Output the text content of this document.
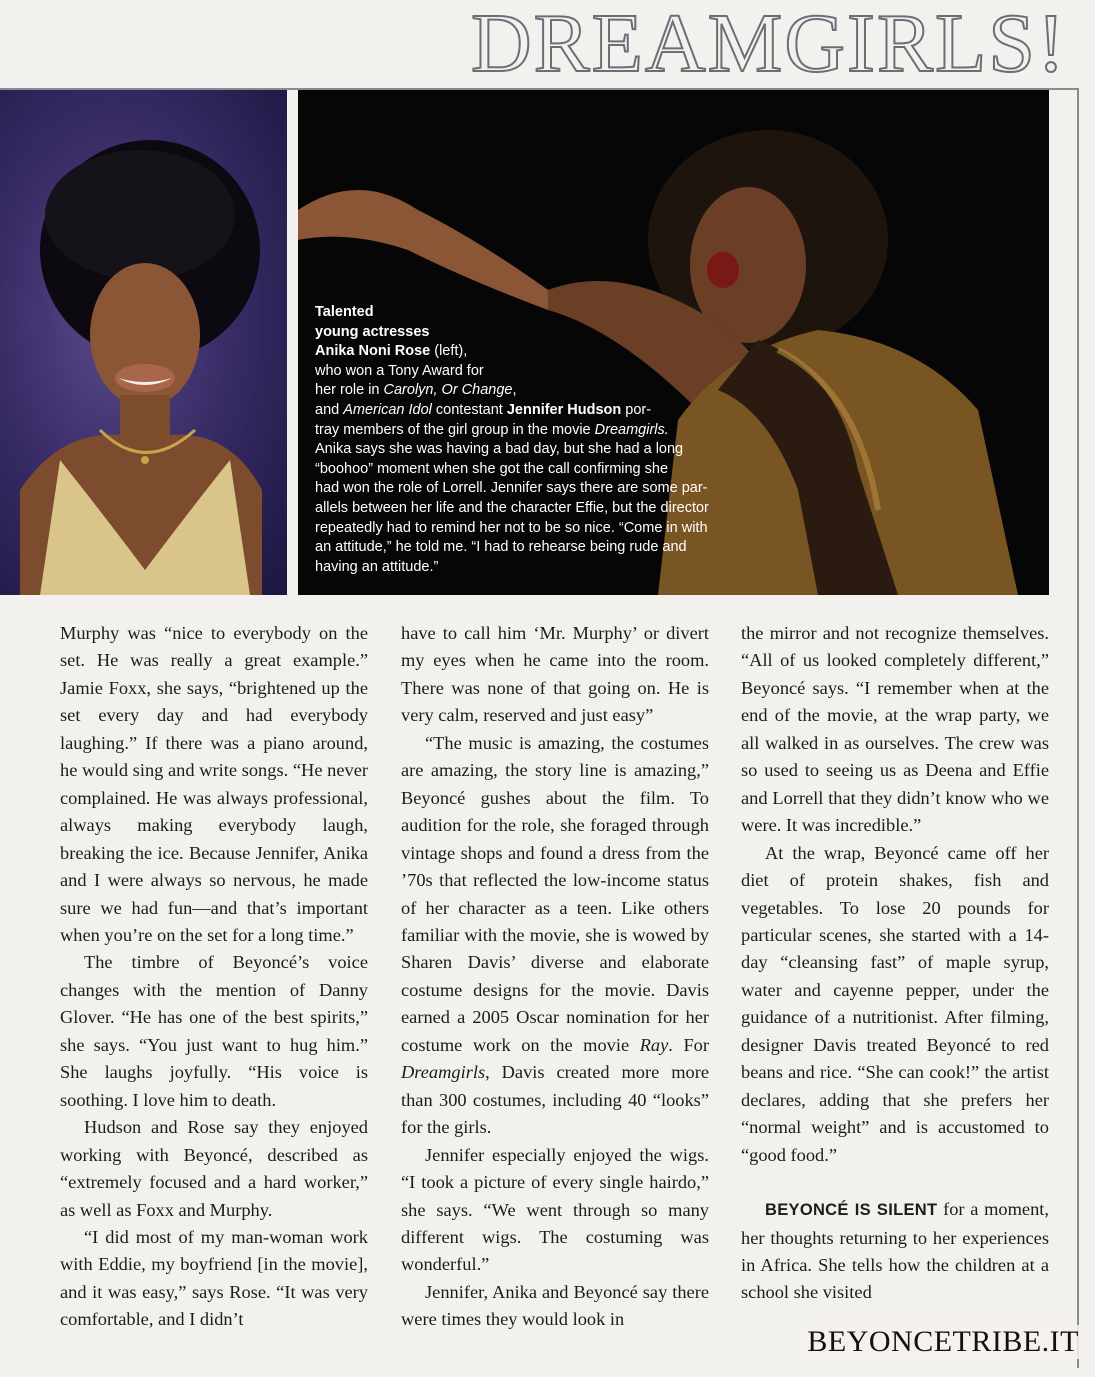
DREAMGIRLS!
Talented
young actresses
Anika Noni Rose (left),
who won a Tony Award for
her role in Carolyn, Or Change,
and American Idol contestant Jennifer Hudson por-
tray members of the girl group in the movie Dreamgirls.
Anika says she was having a bad day, but she had a long
“boohoo” moment when she got the call confirming she
had won the role of Lorrell. Jennifer says there are some par-
allels between her life and the character Effie, but the director
repeatedly had to remind her not to be so nice. “Come in with
an attitude,” he told me. “I had to rehearse being rude and
having an attitude.”

Murphy was “nice to everybody on the set. He was really a great example.” Jamie Foxx, she says, “brightened up the set every day and had everybody laughing.” If there was a piano around, he would sing and write songs. “He never complained. He was always professional, always making everybody laugh, breaking the ice. Because Jennifer, Anika and I were always so nervous, he made sure we had fun—and that’s important when you’re on the set for a long time.”

The timbre of Beyoncé’s voice changes with the mention of Danny Glover. “He has one of the best spirits,” she says. “You just want to hug him.” She laughs joyfully. “His voice is soothing. I love him to death.

Hudson and Rose say they enjoyed working with Beyoncé, described as “extremely focused and a hard worker,” as well as Foxx and Murphy.

“I did most of my man-woman work with Eddie, my boyfriend [in the movie], and it was easy,” says Rose. “It was very comfortable, and I didn’t

have to call him ‘Mr. Murphy’ or divert my eyes when he came into the room. There was none of that going on. He is very calm, reserved and just easy”

“The music is amazing, the costumes are amazing, the story line is amazing,” Beyoncé gushes about the film. To audition for the role, she foraged through vintage shops and found a dress from the ’70s that reflected the low-income status of her character as a teen. Like others familiar with the movie, she is wowed by Sharen Davis’ diverse and elaborate costume designs for the movie. Davis earned a 2005 Oscar nomination for her costume work on the movie Ray. For Dreamgirls, Davis created more more than 300 costumes, including 40 “looks” for the girls.

Jennifer especially enjoyed the wigs. “I took a picture of every single hairdo,” she says. “We went through so many different wigs. The costuming was wonderful.”

Jennifer, Anika and Beyoncé say there were times they would look in

the mirror and not recognize themselves. “All of us looked completely different,” Beyoncé says. “I remember when at the end of the movie, at the wrap party, we all walked in as ourselves. The crew was so used to seeing us as Deena and Effie and Lorrell that they didn’t know who we were. It was incredible.”

At the wrap, Beyoncé came off her diet of protein shakes, fish and vegetables. To lose 20 pounds for particular scenes, she started with a 14-day “cleansing fast” of maple syrup, water and cayenne pepper, under the guidance of a nutritionist. After filming, designer Davis treated Beyoncé to red beans and rice. “She can cook!” the artist declares, adding that she prefers her “normal weight” and is accustomed to “good food.”

BEYONCÉ IS SILENT for a moment, her thoughts returning to her experiences in Africa. She tells how the children at a school she visited

BEYONCETRIBE.IT
